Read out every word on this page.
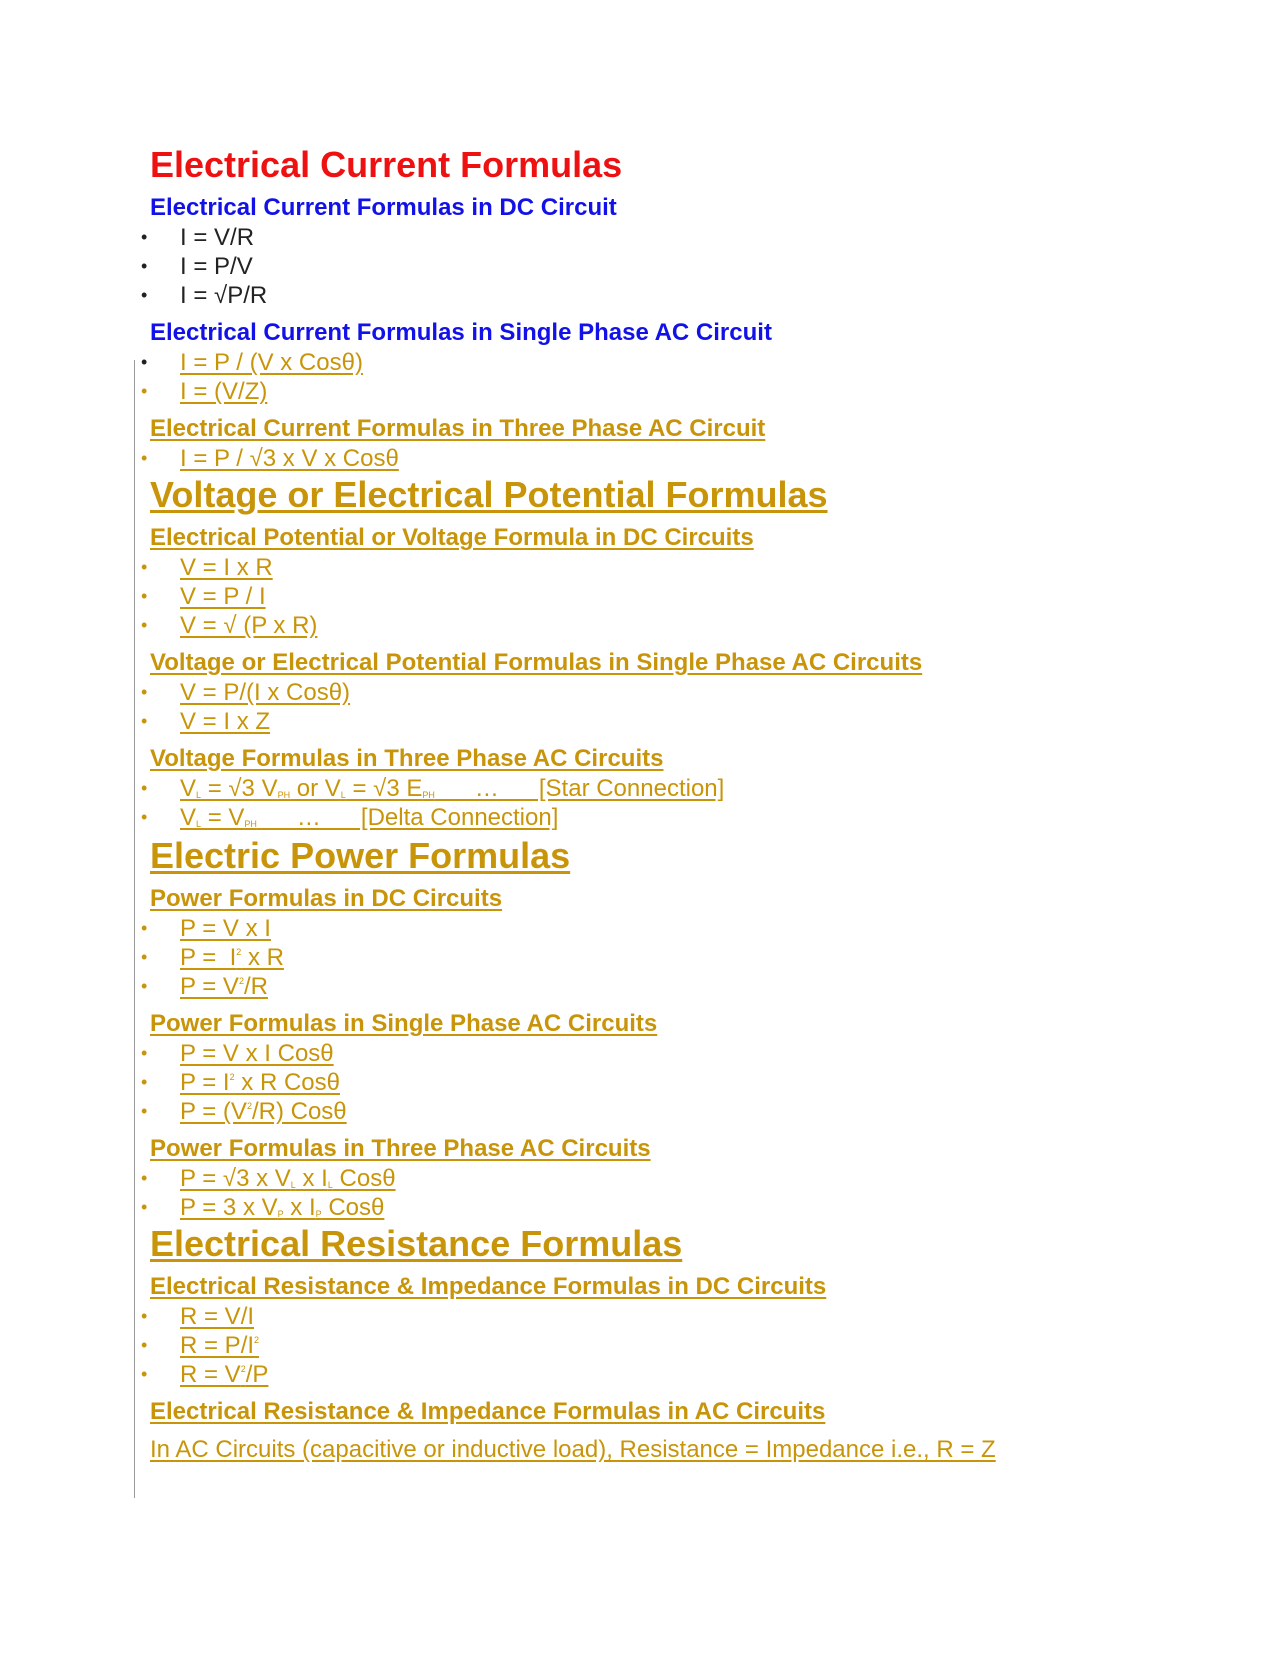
Electrical Current Formulas
Electrical Current Formulas in DC Circuit
I = V/R
I = P/V
I = √P/R
Electrical Current Formulas in Single Phase AC Circuit
I = P / (V x Cosθ)
I = (V/Z)
Electrical Current Formulas in Three Phase AC Circuit
I = P / √3 x V x Cosθ
Voltage or Electrical Potential Formulas
Electrical Potential or Voltage Formula in DC Circuits
V = I x R
V = P / I
V = √ (P x R)
Voltage or Electrical Potential Formulas in Single Phase AC Circuits
V = P/(I x Cosθ)
V = I x Z
Voltage Formulas in Three Phase AC Circuits
$V_L = √3$ $V_{PH}$ or $V_L = √3$ $E_{PH}$      …      [Star Connection]
$V_L = V_{PH}$      …      [Delta Connection]
Electric Power Formulas
Power Formulas in DC Circuits
P = V x I
$P = I^2$ x R
$P = V^2/R$
Power Formulas in Single Phase AC Circuits
P = V x I Cosθ
$P = I^2$ x R Cosθ
$P = (V^2/R)$ Cosθ
Power Formulas in Three Phase AC Circuits
P = √3 x $V_L$ x $I_L$ Cosθ
P = 3 x $V_P$ x $I_P$ Cosθ
Electrical Resistance Formulas
Electrical Resistance & Impedance Formulas in DC Circuits
R = V/I
$R = P/I^2$
$R = V^2/P$
Electrical Resistance & Impedance Formulas in AC Circuits
In AC Circuits (capacitive or inductive load), Resistance = Impedance i.e., R = Z
